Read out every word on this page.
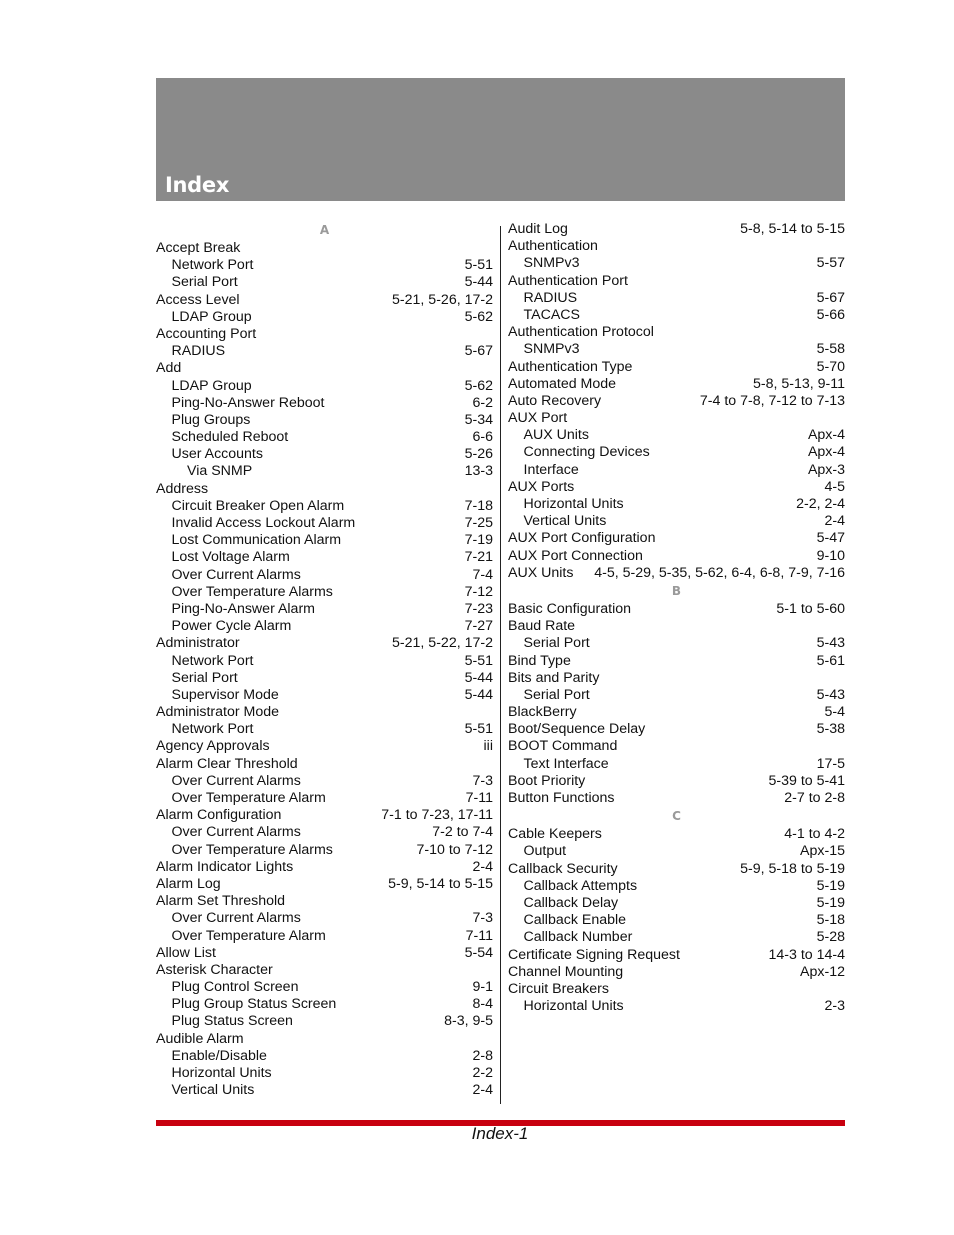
Index
A
Accept Break
Network Port	5-51
Serial Port	5-44
Access Level	5-21, 5-26, 17-2
LDAP Group	5-62
Accounting Port
RADIUS	5-67
Add
LDAP Group	5-62
Ping-No-Answer Reboot	6-2
Plug Groups	5-34
Scheduled Reboot	6-6
User Accounts	5-26
Via SNMP	13-3
Address
Circuit Breaker Open Alarm	7-18
Invalid Access Lockout Alarm	7-25
Lost Communication Alarm	7-19
Lost Voltage Alarm	7-21
Over Current Alarms	7-4
Over Temperature Alarms	7-12
Ping-No-Answer Alarm	7-23
Power Cycle Alarm	7-27
Administrator	5-21, 5-22, 17-2
Network Port	5-51
Serial Port	5-44
Supervisor Mode	5-44
Administrator Mode
Network Port	5-51
Agency Approvals	iii
Alarm Clear Threshold
Over Current Alarms	7-3
Over Temperature Alarm	7-11
Alarm Configuration	7-1 to 7-23, 17-11
Over Current Alarms	7-2 to 7-4
Over Temperature Alarms	7-10 to 7-12
Alarm Indicator Lights	2-4
Alarm Log	5-9, 5-14 to 5-15
Alarm Set Threshold
Over Current Alarms	7-3
Over Temperature Alarm	7-11
Allow List	5-54
Asterisk Character
Plug Control Screen	9-1
Plug Group Status Screen	8-4
Plug Status Screen	8-3, 9-5
Audible Alarm
Enable/Disable	2-8
Horizontal Units	2-2
Vertical Units	2-4
Audit Log	5-8, 5-14 to 5-15
Authentication
SNMPv3	5-57
Authentication Port
RADIUS	5-67
TACACS	5-66
Authentication Protocol
SNMPv3	5-58
Authentication Type	5-70
Automated Mode	5-8, 5-13, 9-11
Auto Recovery	7-4 to 7-8, 7-12 to 7-13
AUX Port
AUX Units	Apx-4
Connecting Devices	Apx-4
Interface	Apx-3
AUX Ports	4-5
Horizontal Units	2-2, 2-4
Vertical Units	2-4
AUX Port Configuration	5-47
AUX Port Connection	9-10
AUX Units 4-5, 5-29, 5-35, 5-62, 6-4, 6-8, 7-9, 7-16
B
Basic Configuration	5-1 to 5-60
Baud Rate
Serial Port	5-43
Bind Type	5-61
Bits and Parity
Serial Port	5-43
BlackBerry	5-4
Boot/Sequence Delay	5-38
BOOT Command
Text Interface	17-5
Boot Priority	5-39 to 5-41
Button Functions	2-7 to 2-8
C
Cable Keepers	4-1 to 4-2
Output	Apx-15
Callback Security	5-9, 5-18 to 5-19
Callback Attempts	5-19
Callback Delay	5-19
Callback Enable	5-18
Callback Number	5-28
Certificate Signing Request	14-3 to 14-4
Channel Mounting	Apx-12
Circuit Breakers
Horizontal Units	2-3
Index-1
